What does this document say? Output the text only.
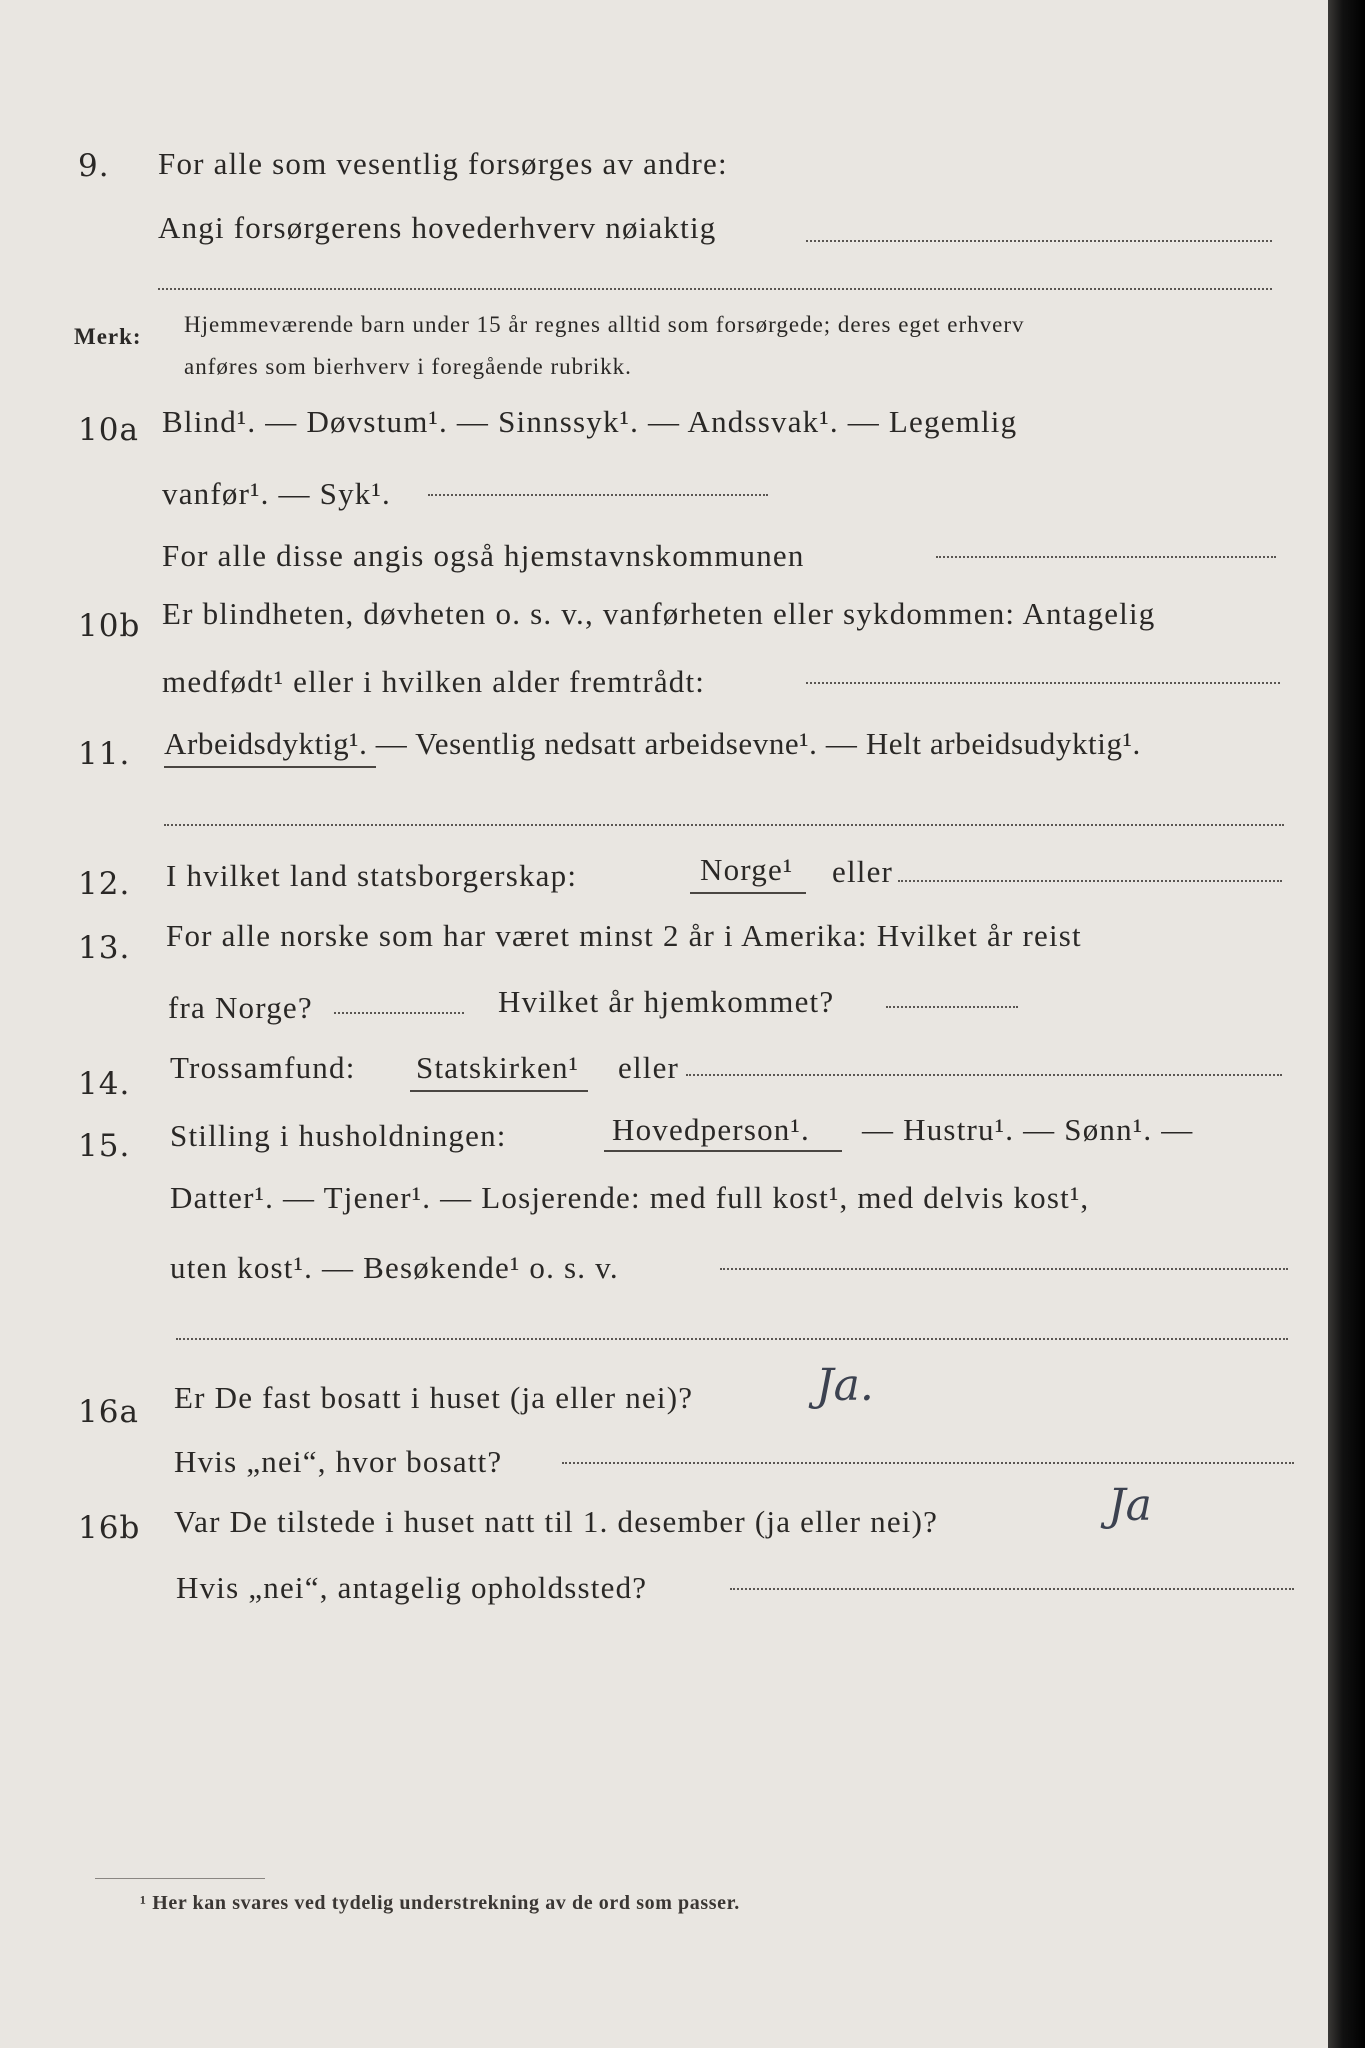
9. For alle som vesentlig forsørges av andre:
Angi forsørgerens hovederhverv nøiaktig
Merk: Hjemmeværende barn under 15 år regnes alltid som forsørgede; deres eget erhverv
anføres som bierhverv i foregående rubrikk.
10a Blind¹. — Døvstum¹. — Sinnssyk¹. — Andssvak¹. — Legemlig
vanfør¹. — Syk¹.
For alle disse angis også hjemstavnskommunen
10b Er blindheten, døvheten o. s. v., vanførheten eller sykdommen: Antagelig
medfødt¹ eller i hvilken alder fremtrådt:
11. Arbeidsdyktig¹. — Vesentlig nedsatt arbeidsevne¹. — Helt arbeidsudyktig¹.
12. I hvilket land statsborgerskap:	Norge¹ eller
13. For alle norske som har været minst 2 år i Amerika: Hvilket år reist
fra Norge?	Hvilket år hjemkommet?
14. Trossamfund: Statskirken¹ eller
15. Stilling i husholdningen:	Hovedperson¹. — Hustru¹. — Sønn¹. —
Datter¹. — Tjener¹. — Losjerende: med full kost¹, med delvis kost¹,
uten kost¹. — Besøkende¹ o. s. v.
16a Er De fast bosatt i huset (ja eller nei)?	Ja.
Hvis „nei“, hvor bosatt?
16b Var De tilstede i huset natt til 1. desember (ja eller nei)?	Ja
Hvis „nei“, antagelig opholdssted?
¹ Her kan svares ved tydelig understrekning av de ord som passer.
